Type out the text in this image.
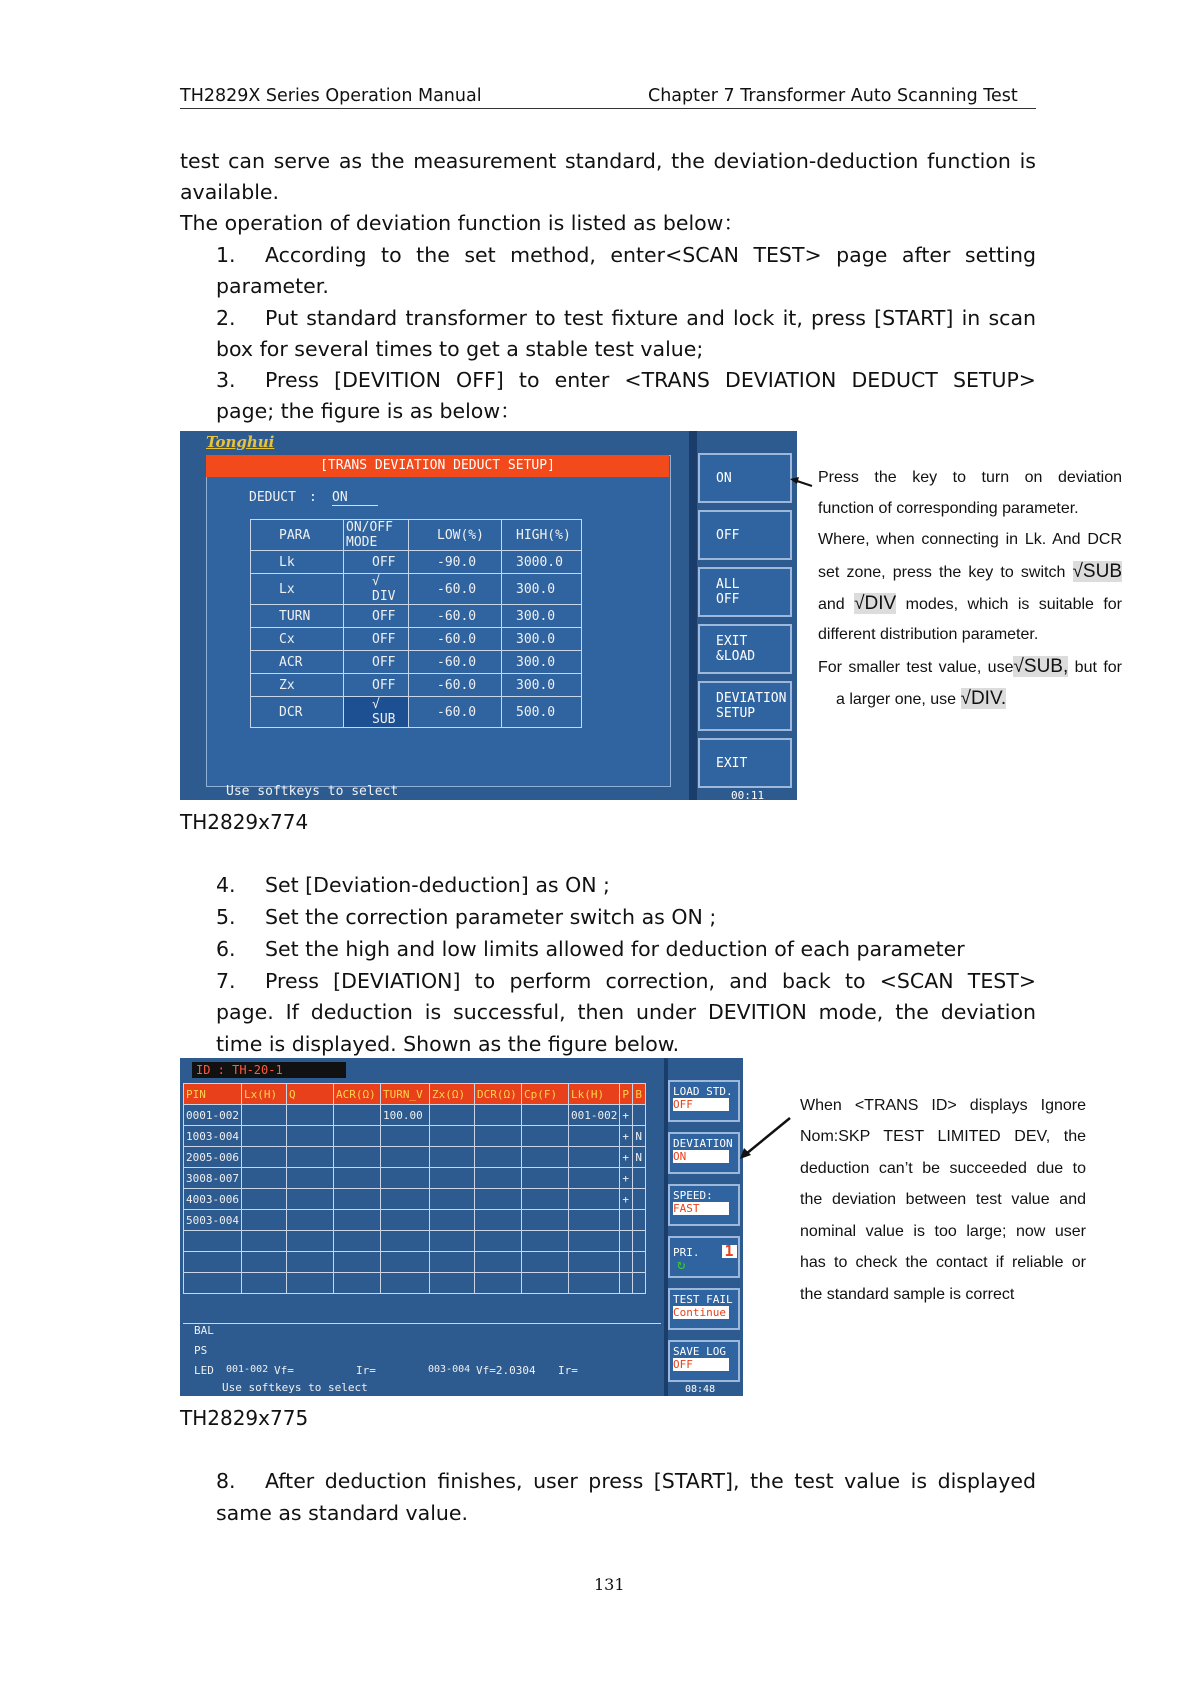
TH2829X Series Operation Manual	Chapter 7 Transformer Auto Scanning Test
test can serve as the measurement standard, the deviation-deduction function is
available.
The operation of deviation function is listed as below：
1. According to the set method, enter<SCAN TEST> page after setting
parameter.
2. Put standard transformer to test fixture and lock it, press [START] in scan
box for several times to get a stable test value;
3. Press [DEVITION OFF] to enter <TRANS DEVIATION DEDUCT SETUP>
page; the figure is as below：
Tonghui
[TRANS DEVIATION DEDUCT SETUP]
DEDUCT : ON
PARA	ON/OFF MODE	LOW(%)	HIGH(%)
Lk	OFF	-90.0	3000.0
Lx	√ DIV	-60.0	300.0
TURN	OFF	-60.0	300.0
Cx	OFF	-60.0	300.0
ACR	OFF	-60.0	300.0
Zx	OFF	-60.0	300.0
DCR	√ SUB	-60.0	500.0
ON
OFF
ALL OFF
EXIT &LOAD
DEVIATION SETUP
EXIT
Use softkeys to select	00:11
Press the key to turn on deviation
function of corresponding parameter.
Where, when connecting in Lk. And DCR
set zone, press the key to switch √SUB
and √DIV modes, which is suitable for
different distribution parameter.
For smaller test value, use√SUB, but for
a larger one, use √DIV.
TH2829x774
4. Set [Deviation-deduction] as ON ;
5. Set the correction parameter switch as ON ;
6. Set the high and low limits allowed for deduction of each parameter
7. Press [DEVIATION] to perform correction, and back to <SCAN TEST>
page. If deduction is successful, then under DEVITION mode, the deviation
time is displayed. Shown as the figure below.
ID : TH-20-1
PIN	Lx(H)	Q	ACR(Ω)	TURN_V	Zx(Ω)	DCR(Ω)	Cp(F)	Lk(H)	P	B
0001-002				100.00				001-002	+	
1003-004									+	N
2005-006									+	N
3008-007									+	
4003-006									+	
5003-004										

BAL
PS
LED 001-002 Vf=	Ir=	003-004 Vf=2.0304 Ir=
Use softkeys to select
LOAD STD.
OFF
DEVIATION
ON
SPEED:
FAST
PRI. 1↻
TEST FAIL
Continue
SAVE LOG
OFF
08:48
When <TRANS ID> displays Ignore
Nom:SKP TEST LIMITED DEV, the
deduction can’t be succeeded due to
the deviation between test value and
nominal value is too large; now user
has to check the contact if reliable or
the standard sample is correct
TH2829x775
8. After deduction finishes, user press [START], the test value is displayed
same as standard value.
131
